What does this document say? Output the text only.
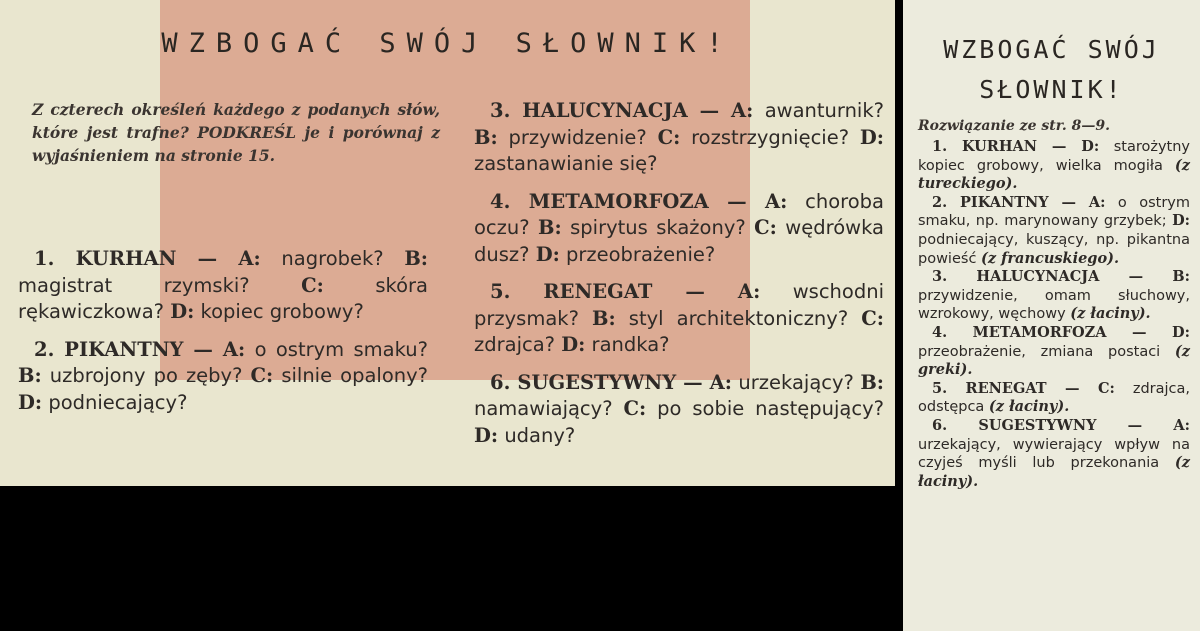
WZBOGAĆ SWÓJ SŁOWNIK!
Z czterech określeń każdego z podanych słów, które jest trafne? PODKREŚL je i porównaj z wyjaśnieniem na stronie 15.

1. KURHAN — A: nagrobek? B: magistrat rzymski?	C:	skóra rękawiczkowa? D: kopiec grobowy?

2. PIKANTNY — A: o ostrym smaku? B: uzbrojony po zęby? C: silnie opalony? D: podniecający?

3. HALUCYNACJA — A: awanturnik? B: przywidzenie? C: rozstrzygnięcie? D: zastanawianie się?

4. METAMORFOZA — A: choroba oczu? B: spirytus skażony? C: wędrówka dusz? D: przeobrażenie?

5. RENEGAT — A: wschodni przysmak? B: styl architektoniczny? C: zdrajca? D: randka?

6. SUGESTYWNY — A: urzekający? B: namawiający? C: po sobie następujący? D: udany?

WZBOGAĆ SWÓJ
SŁOWNIK!
Rozwiązanie ze str. 8—9.

1. KURHAN — D: starożytny kopiec grobowy, wielka mogiła (z tureckiego).

2. PIKANTNY — A: o ostrym smaku, np. marynowany grzybek; D: podniecający, kuszący, np. pikantna powieść (z francuskiego).

3. HALUCYNACJA — B: przywidzenie, omam słuchowy, wzrokowy, węchowy (z łaciny).

4. METAMORFOZA — D: przeobrażenie, zmiana postaci (z greki).

5. RENEGAT — C: zdrajca, odstępca (z łaciny).

6. SUGESTYWNY — A: urzekający, wywierający wpływ na czyjeś myśli lub przekonania (z łaciny).
